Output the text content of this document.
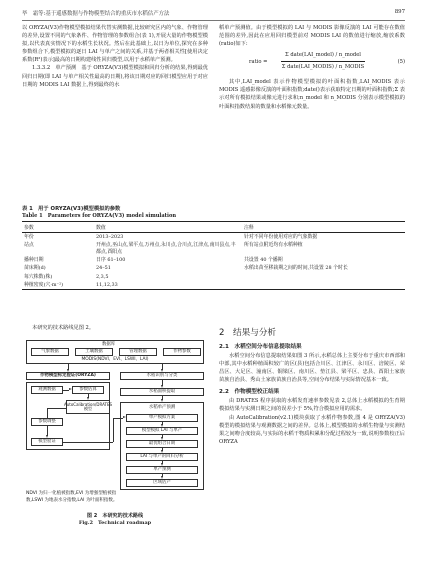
毕　霜等:基于遥感数据与作物模型结合的重庆市水稻估产方法	897

以 ORYZA(V3)作物模型模拟结果代替实测数据,比较研究区内的气象、作物管理的差异,设置不同的气象条件、作物管理的参数组合(表 1),开展大量的作物模型模拟,以代表真实情况下的水稻生长状况。然后在此基础上,以日为单位,探究在多种参数组合下,模型模拟的逐日 LAI 与单产之间的关系,并基于两者相关性[使用决定系数(R²)表示]最高的日期构建线性回归模型,以用于水稻单产预测。

1.3.3.2　单产预测　基于 ORYZA(V3)模型模拟和回归分析的结果,得到最优回归日期(即 LAI 与单产相关性最高的日期),将该日期对应的回归模型应用于对应日期的 MODIS LAI 数据上,得到最终的水

稻单产预测值。由于模型模拟的 LAI 与 MODIS 影像反演的 LAI 可能存在数值范围的差异,因此在应用回归模型前对 MODIS LAI 的数值进行缩放,缩放系数(ratio)如下:

ratio =
Σ date(LAI_model) / n_model
Σ date(LAI_MODIS) / n_MODIS
(5)

其中,LAI_model 表示作物模型模拟的叶面积指数,LAI_MODIS 表示 MODIS 遥感影像反演的叶面积指数;date()表示获取特定日期的叶面积指数;Σ 表示对所有模拟结果或像元进行求和;n_model 和 n_MODIS 分别表示模型模拟的叶面积指数结果的数量和水稻像元数量。

表 1　用于 ORYZA(V3)模型模拟的参数
Table 1　Parameters for ORYZA(V3) model simulation
参数	数值	注释
年份	2013–2023	针对不同年份使用对应的气象数据
站点	开州点,巫山点,梁平点,万州点,永川点,合川点,江津点,南川县点,丰都点,酉阳点	所有站点附近均有水稻种植
播种日期	日序 61–100	共设置 40 个播期
苗床期(d)	24–51	水稻出苗至移栽期之间的时间,共设置 28 个时长
每穴株数(株)	2,3,5	
种植密度(穴·m⁻²)	11,12,33	

本研究的技术路线见图 2。

数据库
气象数据	土壤数据	管理数据	作物参数
MODIS(NDVI、EVI、LSWI、LAI)
作物模型标定验证(ORYZA)
观测数据	参数估算
AutoCalibration/DRATES 模型
参数调整
模型验证
水稻识别与分类
水稻面积提取
水稻单产预测
单产模拟方案
模型模拟 LAI 与单产
最优组合日期
LAI 与单产的回归分析
单产预测
区域估产
NDVI 为归一化植被指数,EVI 为增强型植被指数,LSWI 为地表水分指数,LAI 为叶面积指数。
图 2　本研究的技术路线
Fig.2　Technical roadmap
2　结果与分析
2.1　水稻空间分布信息提取结果

水稻空间分布信息提取结果如图 3 所示,水稻总体上主要分布于重庆市西部和中部,其中水稻种植面积较广的区(县)包括合川区、江津区、永川区、涪陵区、荣昌区、大足区、潼南区、铜梁区、南川区、垫江县、梁平区、忠县、酉阳土家族苗族自治县、秀山土家族苗族自治县等,空间分布结果与实际情况基本一致。

2.2　作物模型校正结果

由 DRATES 程序获取的水稻发育速率参数见表 2,总体上水稻模拟的生育期模拟结果与实测日期之间的误差小于 5%,符合模拟应用的需求。

由 AutoCalibration(v2.1)模块获取了水稻作物参数,图 4 是 ORYZA(V3)模型的模拟结果与观测数据之间的差异。总体上,模型模拟的水稻生物量与实测结果之间吻合度较高,与实际的水稻干物质积累和分配过程较为一致,说明参数校正后 ORYZA
